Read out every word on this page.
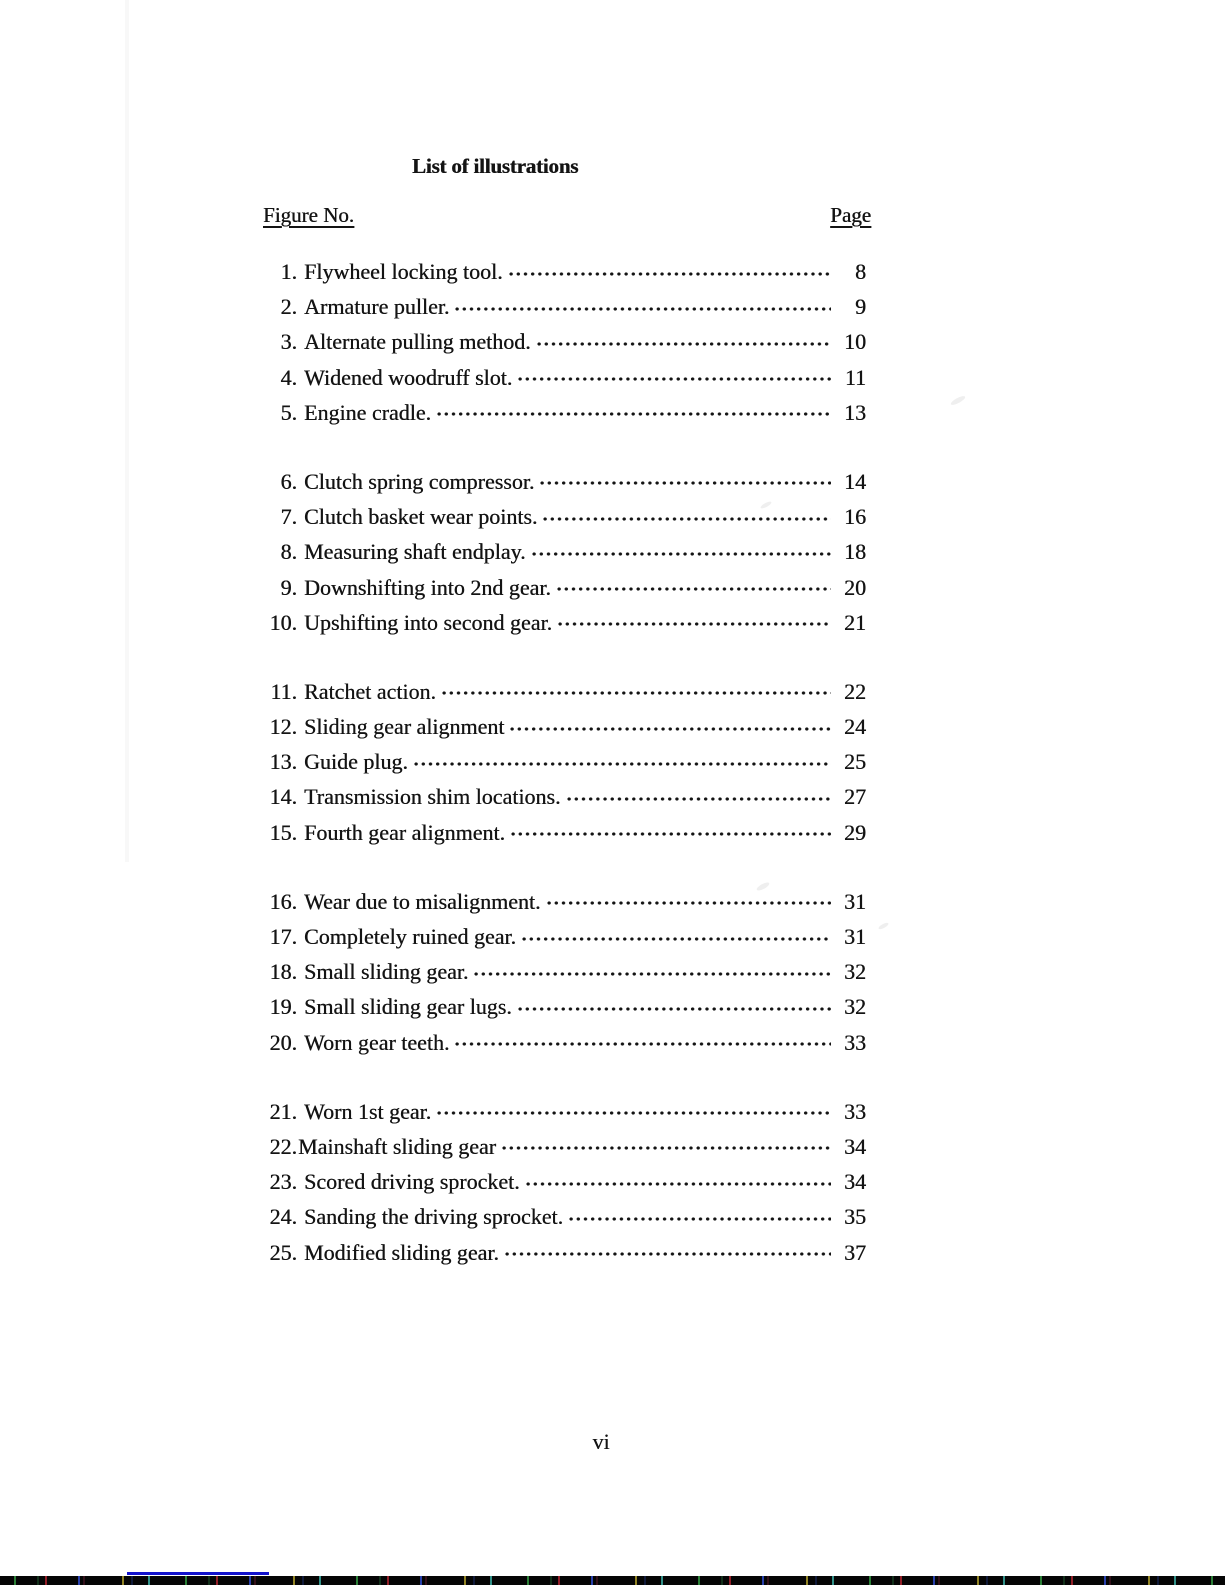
List of illustrations
Figure No.	Page
1. Flywheel locking tool.	8
2. Armature puller.	9
3. Alternate pulling method.	10
4. Widened woodruff slot.	11
5. Engine cradle.	13
6. Clutch spring compressor.	14
7. Clutch basket wear points.	16
8. Measuring shaft endplay.	18
9. Downshifting into 2nd gear.	20
10. Upshifting into second gear.	21
11. Ratchet action.	22
12. Sliding gear alignment	24
13. Guide plug.	25
14. Transmission shim locations.	27
15. Fourth gear alignment.	29
16. Wear due to misalignment.	31
17. Completely ruined gear.	31
18. Small sliding gear.	32
19. Small sliding gear lugs.	32
20. Worn gear teeth.	33
21. Worn 1st gear.	33
22. Mainshaft sliding gear	34
23. Scored driving sprocket.	34
24. Sanding the driving sprocket.	35
25. Modified sliding gear.	37
vi
